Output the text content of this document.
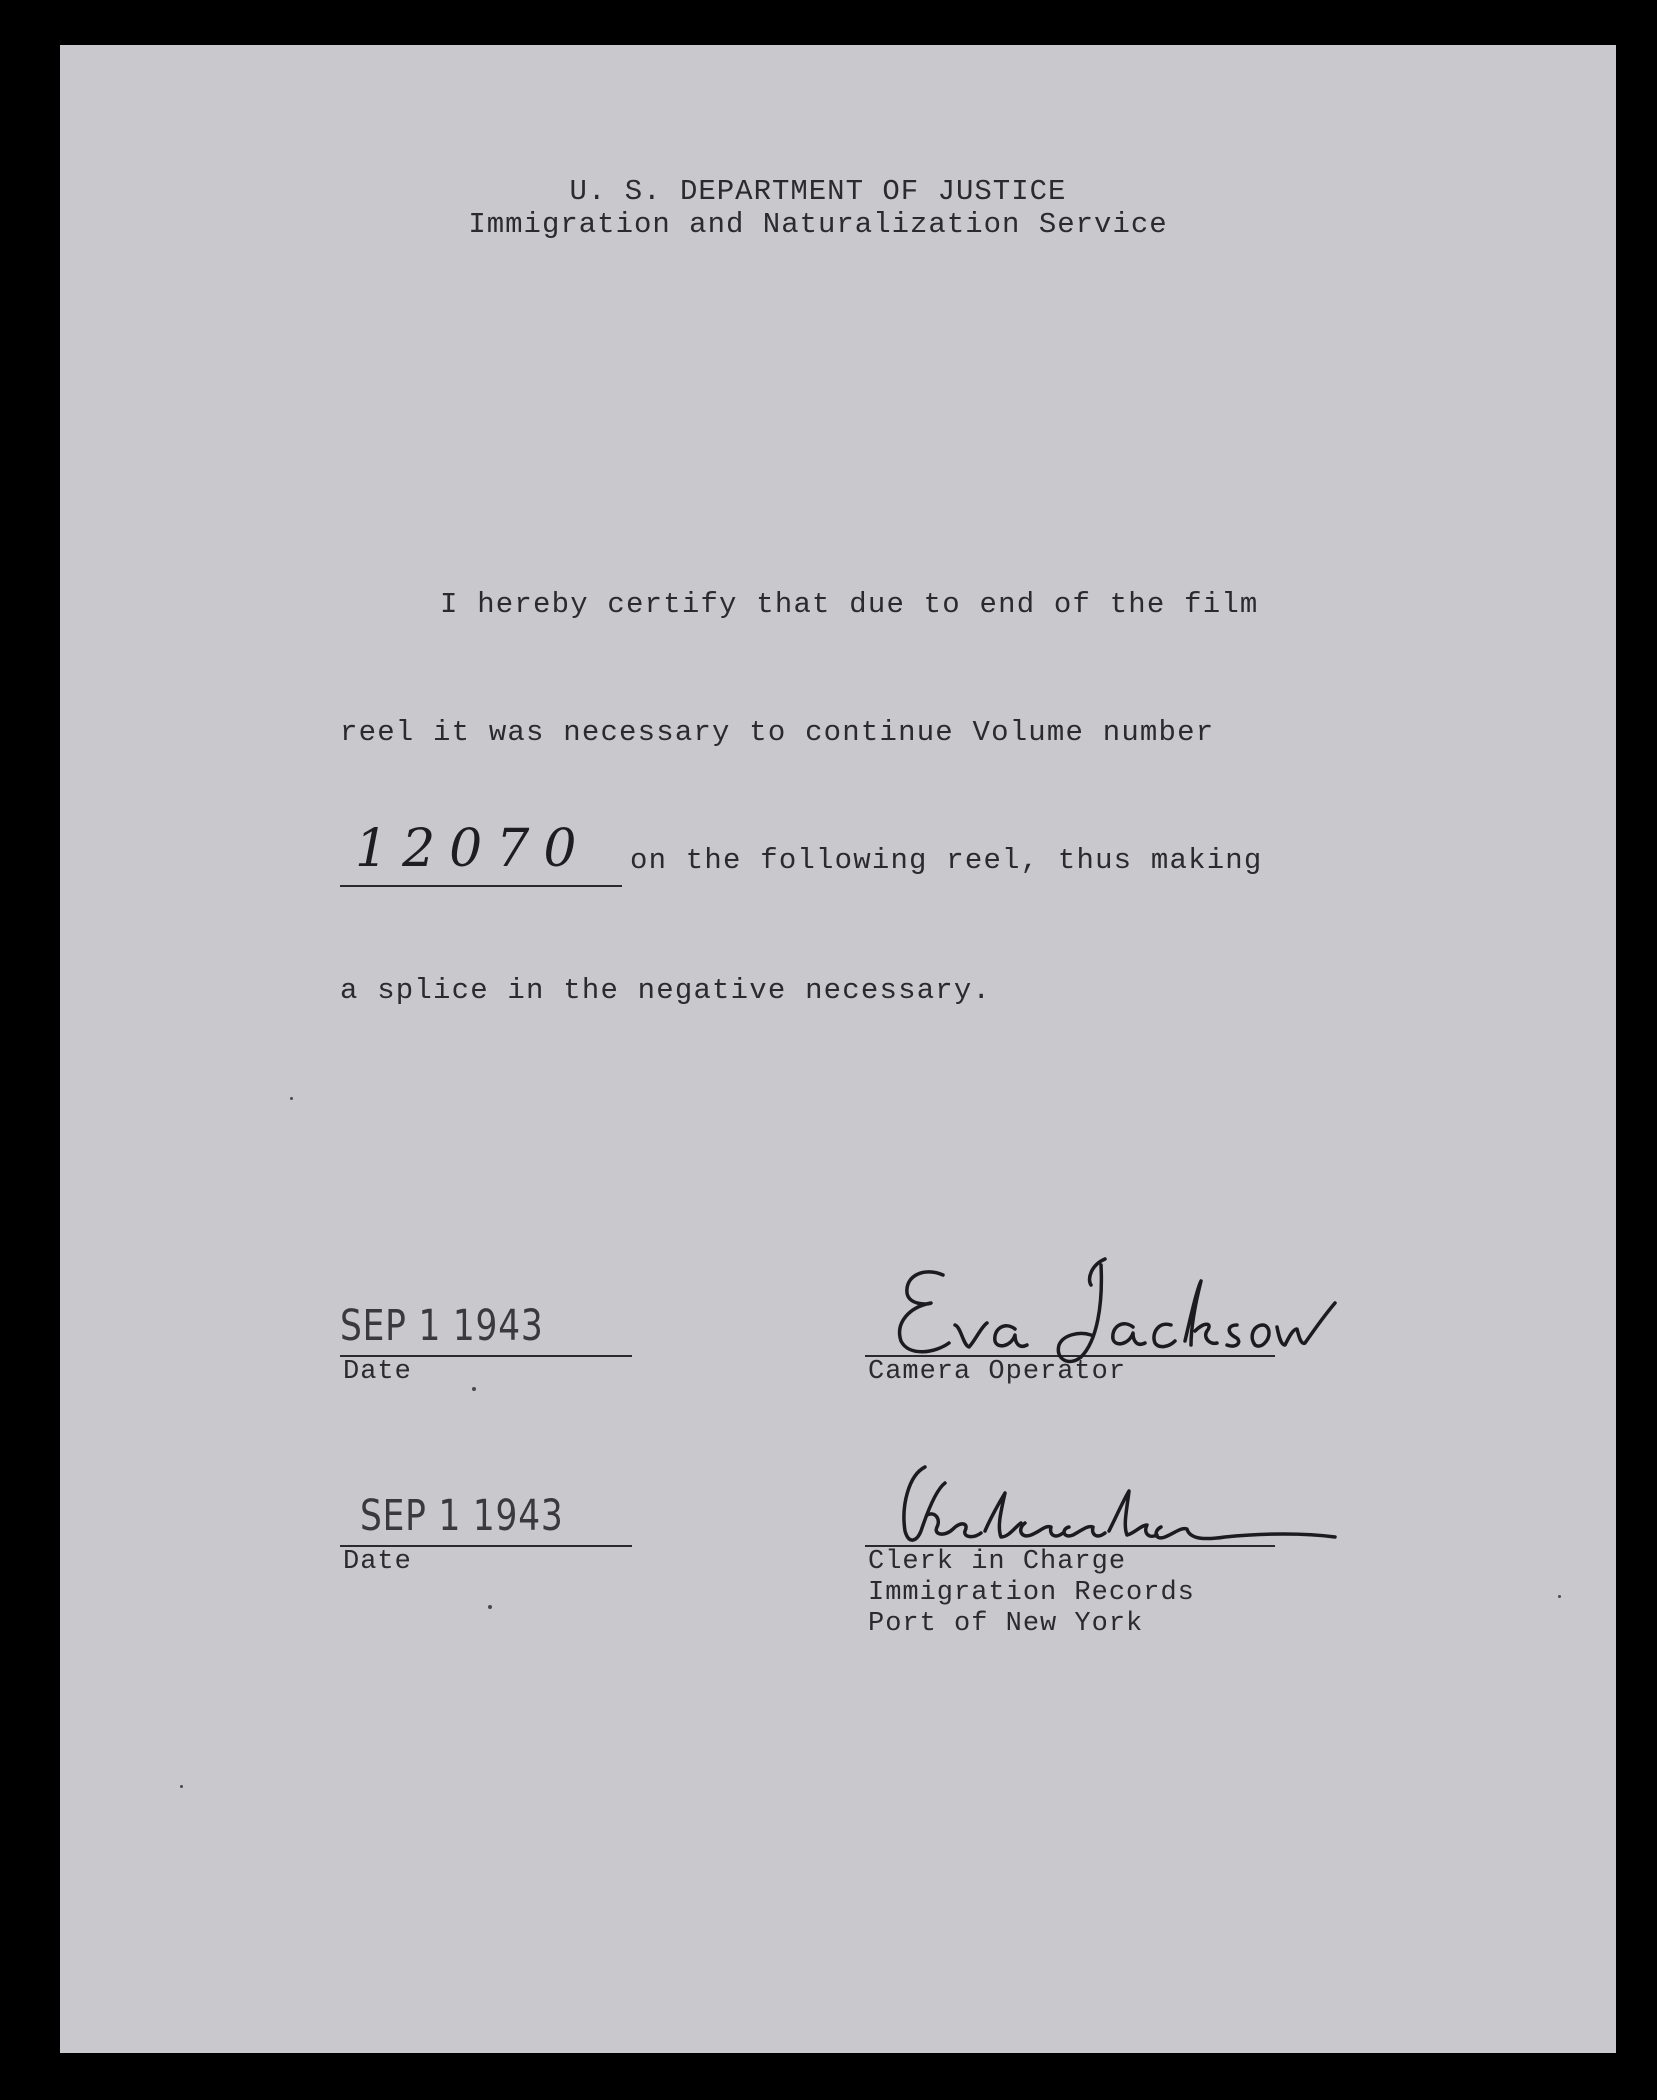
U. S. DEPARTMENT OF JUSTICE
Immigration and Naturalization Service
I hereby certify that due to end of the film
reel it was necessary to continue Volume number
12070 on the following reel, thus making
a splice in the negative necessary.
SEP 1 1943
Date
SEP 1 1943
Date
Camera Operator
Clerk in Charge
Immigration Records
Port of New York
